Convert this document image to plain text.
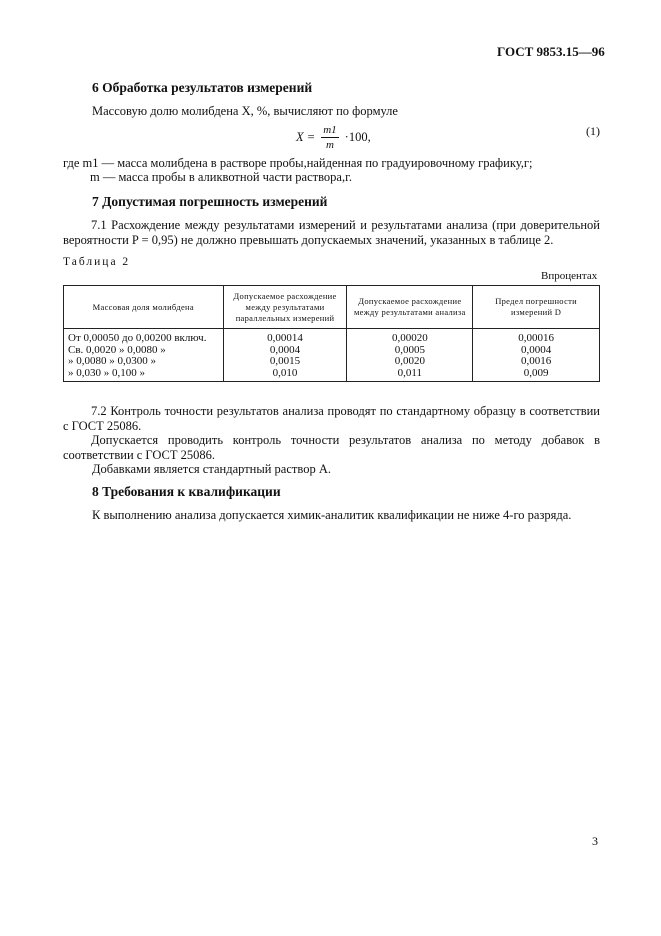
ГОСТ 9853.15—96
6 Обработка результатов измерений
Массовую долю молибдена X, %, вычисляют по формуле
$X = \frac{m1}{m} \cdot 100$,	(1)
где m1 — масса молибдена в растворе пробы,найденная по градуировочному графику,г;
m — масса пробы в аликвотной части раствора,г.
7 Допустимая погрешность измерений
7.1 Расхождение между результатами измерений и результатами анализа (при доверительной вероятности P = 0,95) не должно превышать допускаемых значений, указанных в таблице 2.
Таблица 2
Впроцентах
Массовая доля молибдена	Допускаемое расхождение между результатами параллельных измерений	Допускаемое расхождение между результатами анализа	Предел погрешности измерений D
От 0,00050 до 0,00200 включ.	0,00014	0,00020	0,00016
Св. 0,0020 » 0,0080 »	0,0004	0,0005	0,0004
» 0,0080 » 0,0300 »	0,0015	0,0020	0,0016
» 0,030 » 0,100 »	0,010	0,011	0,009
7.2 Контроль точности результатов анализа проводят по стандартному образцу в соответствии с ГОСТ 25086.
Допускается проводить контроль точности результатов анализа по методу добавок в соответствии с ГОСТ 25086.
Добавками является стандартный раствор А.
8 Требования к квалификации
К выполнению анализа допускается химик-аналитик квалификации не ниже 4-го разряда.
3
